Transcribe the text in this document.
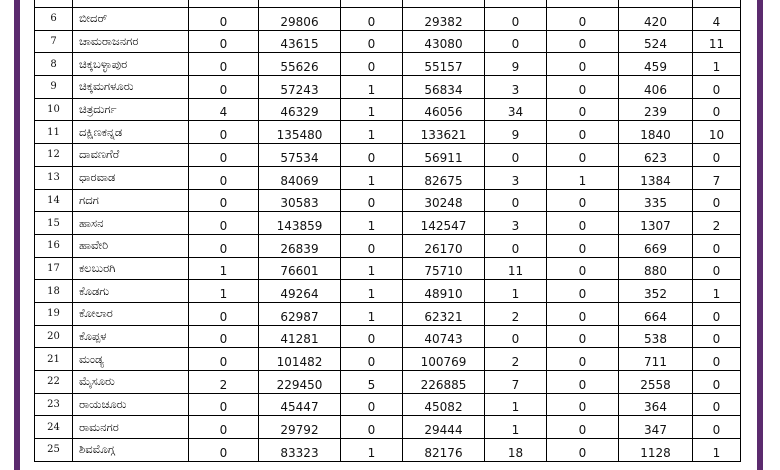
6	ಬೀದರ್	0	29806	0	29382	0	0	420	4
7	ಚಾಮರಾಜನಗರ	0	43615	0	43080	0	0	524	11
8	ಚಿಕ್ಕಬಳ್ಳಾಪುರ	0	55626	0	55157	9	0	459	1
9	ಚಿಕ್ಕಮಗಳೂರು	0	57243	1	56834	3	0	406	0
10	ಚಿತ್ರದುರ್ಗ	4	46329	1	46056	34	0	239	0
11	ದಕ್ಷಿಣಕನ್ನಡ	0	135480	1	133621	9	0	1840	10
12	ದಾವಣಗೆರೆ	0	57534	0	56911	0	0	623	0
13	ಧಾರವಾಡ	0	84069	1	82675	3	1	1384	7
14	ಗದಗ	0	30583	0	30248	0	0	335	0
15	ಹಾಸನ	0	143859	1	142547	3	0	1307	2
16	ಹಾವೇರಿ	0	26839	0	26170	0	0	669	0
17	ಕಲಬುರಗಿ	1	76601	1	75710	11	0	880	0
18	ಕೊಡಗು	1	49264	1	48910	1	0	352	1
19	ಕೋಲಾರ	0	62987	1	62321	2	0	664	0
20	ಕೊಪ್ಪಳ	0	41281	0	40743	0	0	538	0
21	ಮಂಡ್ಯ	0	101482	0	100769	2	0	711	0
22	ಮೈಸೂರು	2	229450	5	226885	7	0	2558	0
23	ರಾಯಚೂರು	0	45447	0	45082	1	0	364	0
24	ರಾಮನಗರ	0	29792	0	29444	1	0	347	0
25	ಶಿವಮೊಗ್ಗ	0	83323	1	82176	18	0	1128	1
